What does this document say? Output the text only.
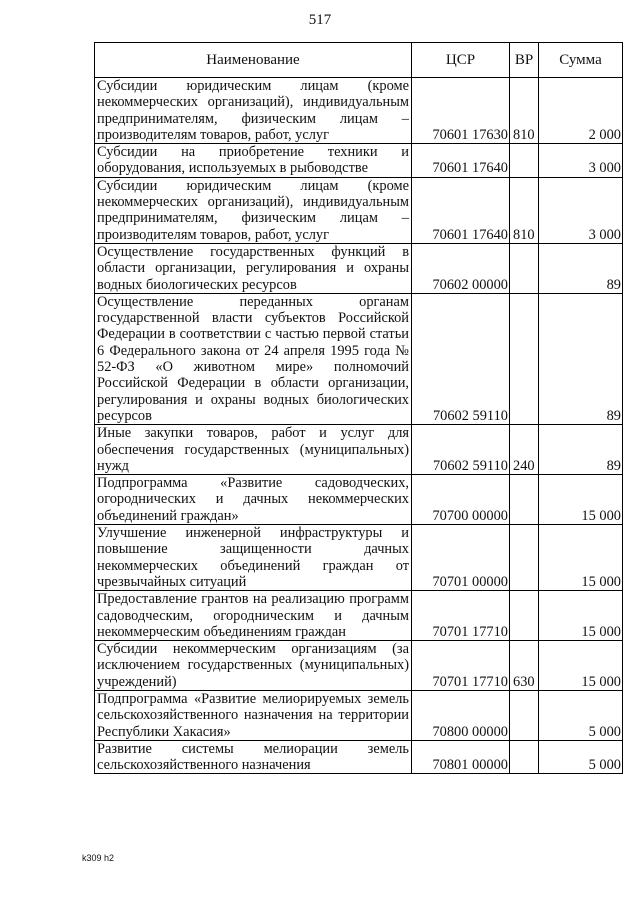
517
Наименование	ЦСР	ВР	Сумма
Субсидии юридическим лицам (кроме некоммерческих организаций), индивидуальным предпринимателям, физическим лицам – производителям товаров, работ, услуг	70601 17630	810	2 000
Субсидии на приобретение техники и оборудования, используемых в рыбоводстве	70601 17640		3 000
Субсидии юридическим лицам (кроме некоммерческих организаций), индивидуальным предпринимателям, физическим лицам – производителям товаров, работ, услуг	70601 17640	810	3 000
Осуществление государственных функций в области организации, регулирования и охраны водных биологических ресурсов	70602 00000		89
Осуществление переданных органам государственной власти субъектов Российской Федерации в соответствии с частью первой статьи 6 Федерального закона от 24 апреля 1995 года № 52-ФЗ «О животном мире» полномочий Российской Федерации в области организации, регулирования и охраны водных биологических ресурсов	70602 59110		89
Иные закупки товаров, работ и услуг для обеспечения государственных (муниципальных) нужд	70602 59110	240	89
Подпрограмма «Развитие садоводческих, огороднических и дачных некоммерческих объединений граждан»	70700 00000		15 000
Улучшение инженерной инфраструктуры и повышение защищенности дачных некоммерческих объединений граждан от чрезвычайных ситуаций	70701 00000		15 000
Предоставление грантов на реализацию программ садоводческим, огородническим и дачным некоммерческим объединениям граждан	70701 17710		15 000
Субсидии некоммерческим организациям (за исключением государственных (муниципальных) учреждений)	70701 17710	630	15 000
Подпрограмма «Развитие мелиорируемых земель сельскохозяйственного назначения на территории Республики Хакасия»	70800 00000		5 000
Развитие системы мелиорации земель сельскохозяйственного назначения	70801 00000		5 000
k309 h2
